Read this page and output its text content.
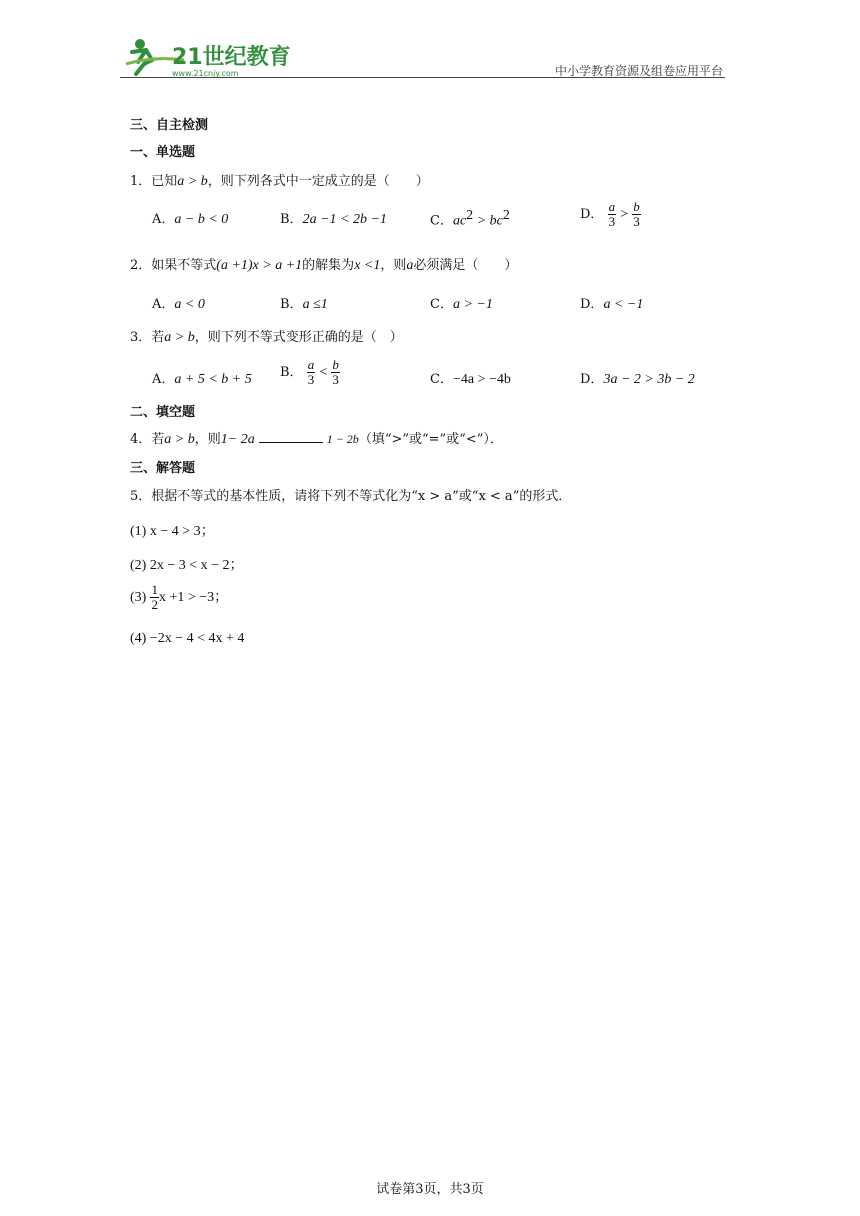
21世纪教育
www.21cnjy.com	中小学教育资源及组卷应用平台
三、自主检测
一、单选题
1．已知a > b，则下列各式中一定成立的是（　　）
A．a − b < 0	B．2a −1 < 2b −1	C．$ac^2 > bc^2$	D． $\frac{a}{3} > \frac{b}{3}$
2．如果不等式(a +1)x > a +1的解集为x <1，则a必须满足（　　）
A．a < 0	B．a ≤1	C．a > −1	D．a < −1
3．若a > b，则下列不等式变形正确的是（　）
A．a + 5 < b + 5 B． $\frac{a}{3} < \frac{b}{3}$	C．−4a > −4b	D．3a − 2 > 3b − 2
二、填空题
4．若a > b，则1− 2a	1 − 2b（填“>”或“=”或“<”）．
三、解答题
5．根据不等式的基本性质，请将下列不等式化为“x > a”或“x < a”的形式．
(1) x − 4 > 3；
(2) 2x − 3 < x − 2；
$(3) \frac{1}{2}$ x +1 > −3；
(4) −2x − 4 < 4x + 4
试卷第3页，共3页
